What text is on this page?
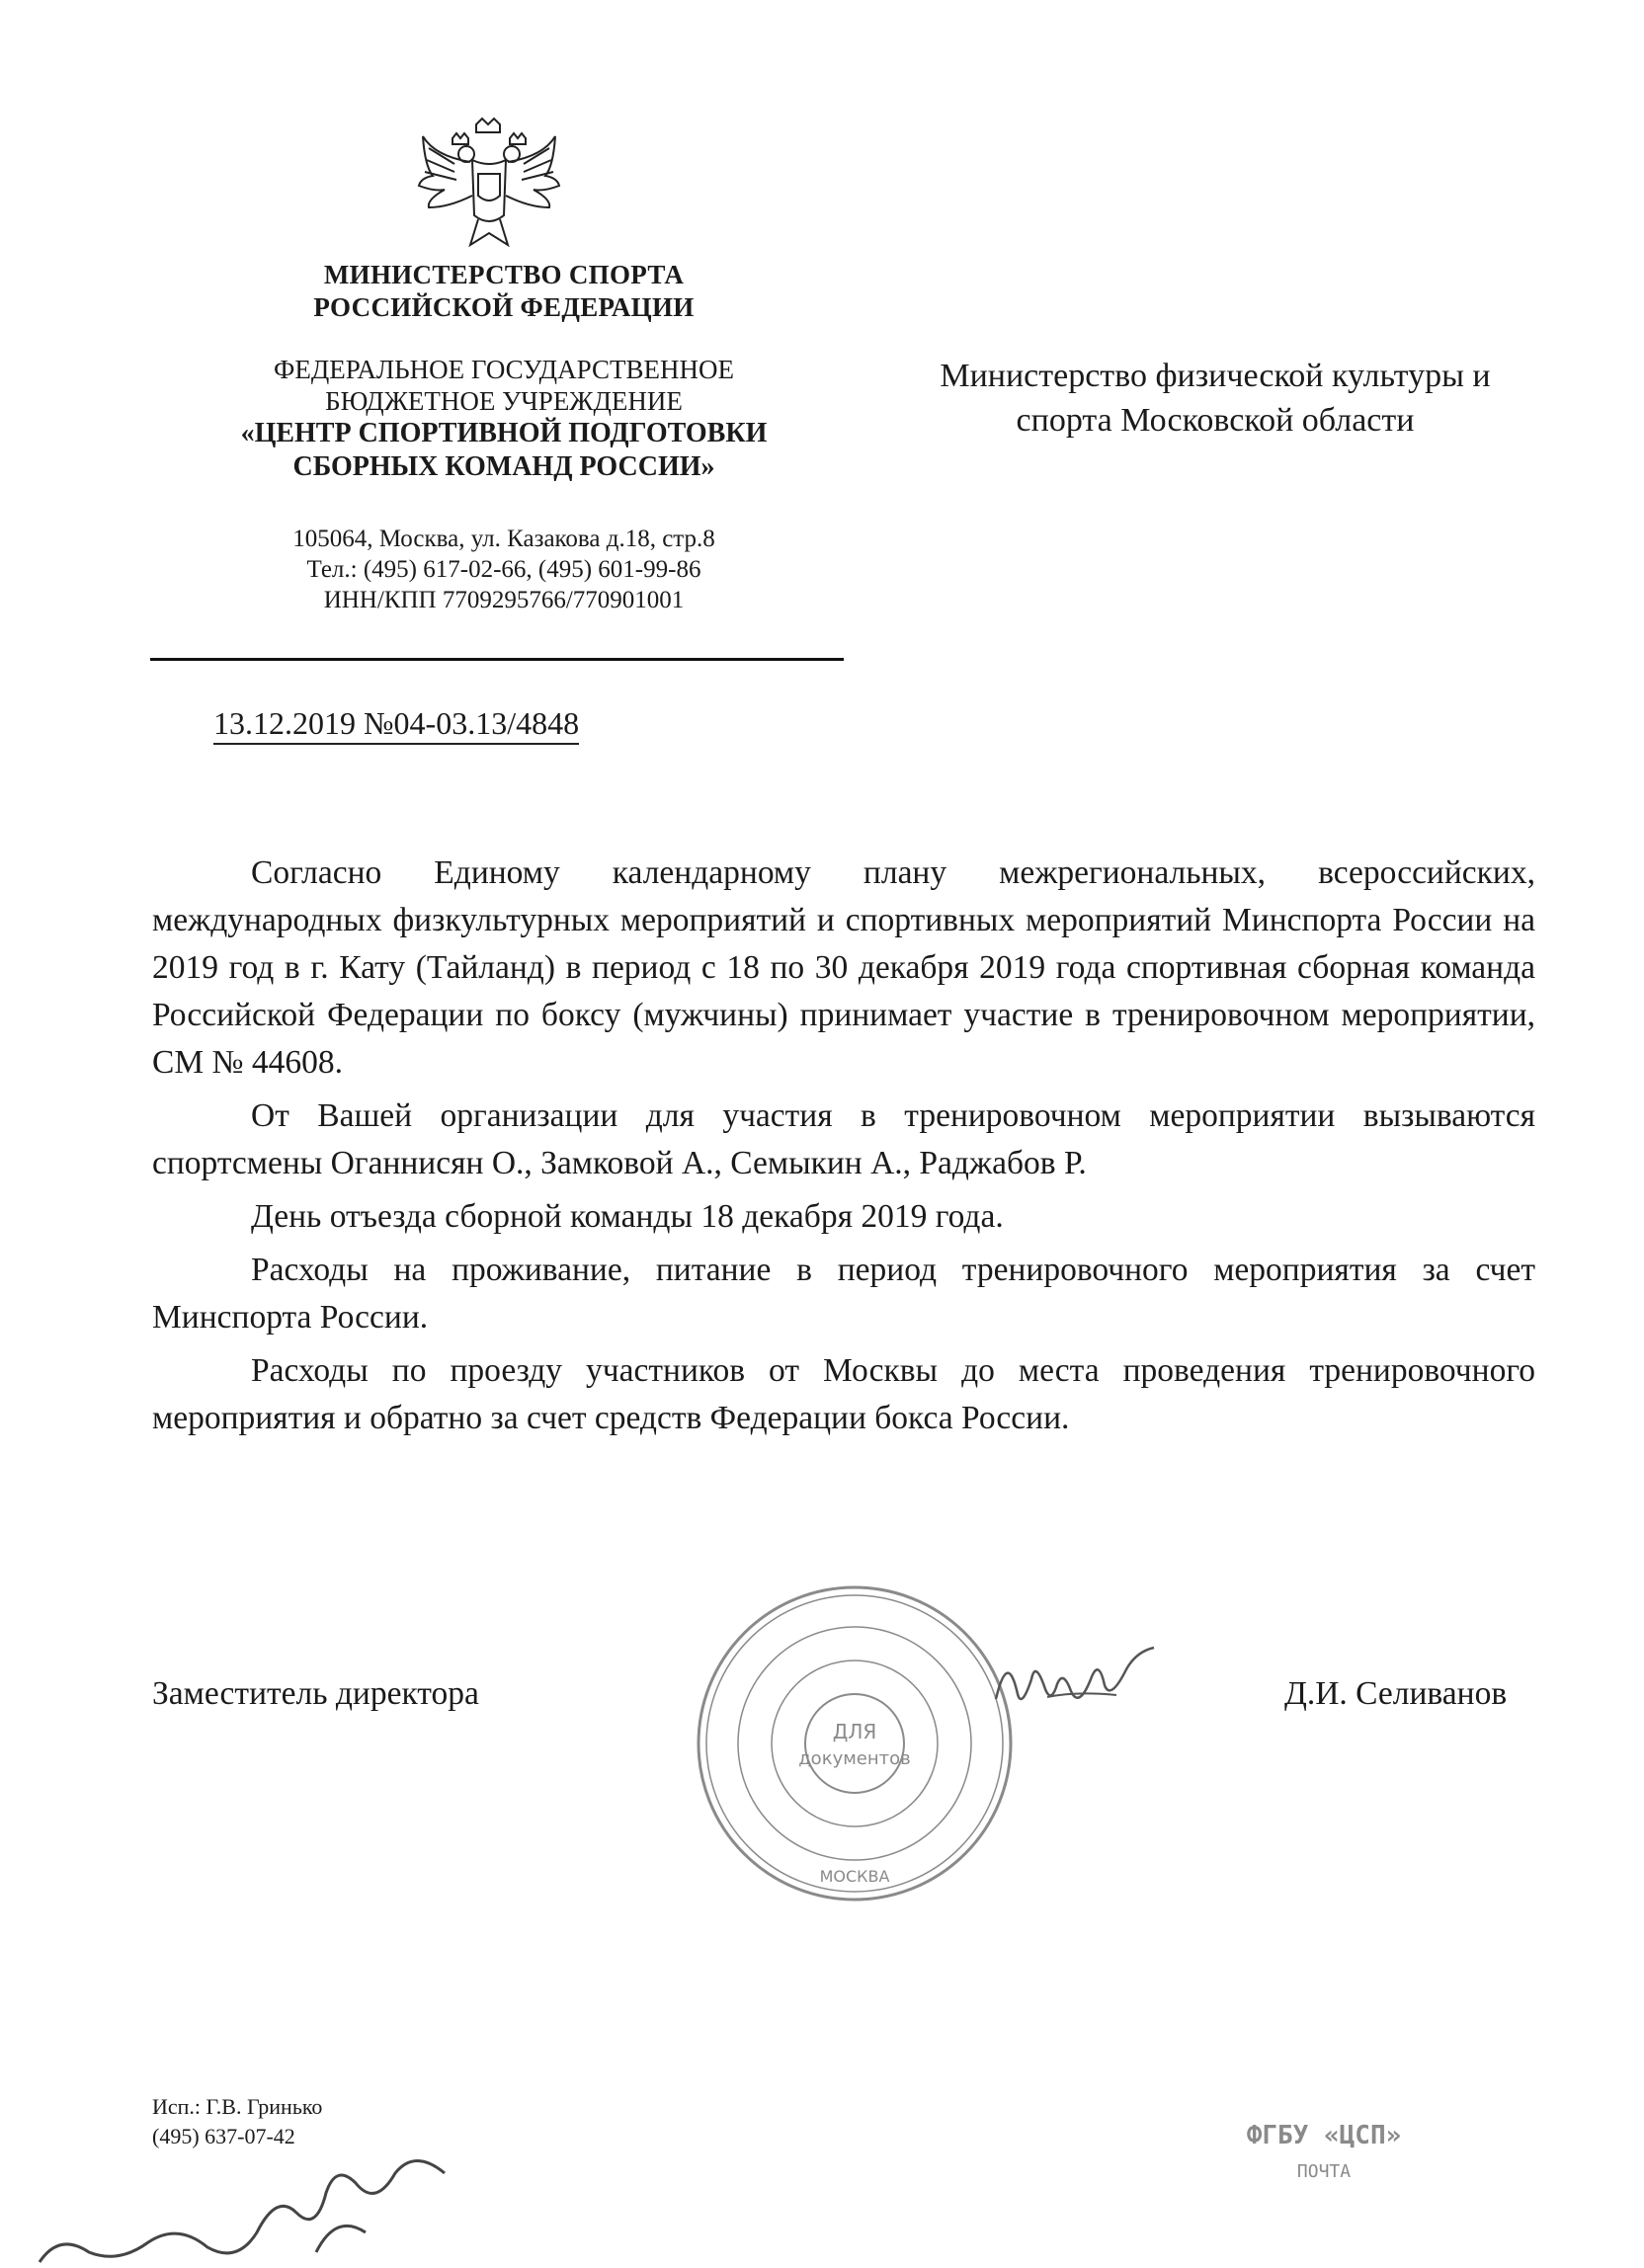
МИНИСТЕРСТВО СПОРТА
РОССИЙСКОЙ ФЕДЕРАЦИИ
ФЕДЕРАЛЬНОЕ ГОСУДАРСТВЕННОЕ
БЮДЖЕТНОЕ УЧРЕЖДЕНИЕ
«ЦЕНТР СПОРТИВНОЙ ПОДГОТОВКИ
СБОРНЫХ КОМАНД РОССИИ»
105064, Москва, ул. Казакова д.18, стр.8
Тел.: (495) 617-02-66, (495) 601-99-86
ИНН/КПП 7709295766/770901001
Министерство физической культуры и
спорта Московской области
13.12.2019 №04-03.13/4848

Согласно Единому календарному плану межрегиональных, всероссийских, международных физкультурных мероприятий и спортивных мероприятий Минспорта России на 2019 год в г. Кату (Тайланд) в период с 18 по 30 декабря 2019 года спортивная сборная команда Российской Федерации по боксу (мужчины) принимает участие в тренировочном мероприятии, СМ № 44608.

От Вашей организации для участия в тренировочном мероприятии вызываются спортсмены Оганнисян О., Замковой А., Семыкин А., Раджабов Р.

День отъезда сборной команды 18 декабря 2019 года.

Расходы на проживание, питание в период тренировочного мероприятия за счет Минспорта России.

Расходы по проезду участников от Москвы до места проведения тренировочного мероприятия и обратно за счет средств Федерации бокса России.

ДЛЯ
документов
МОСКВА
Заместитель директора	Д.И. Селиванов
ФГБУ «ЦСП»
ПОЧТА
Исп.: Г.В. Гринько
(495) 637-07-42
